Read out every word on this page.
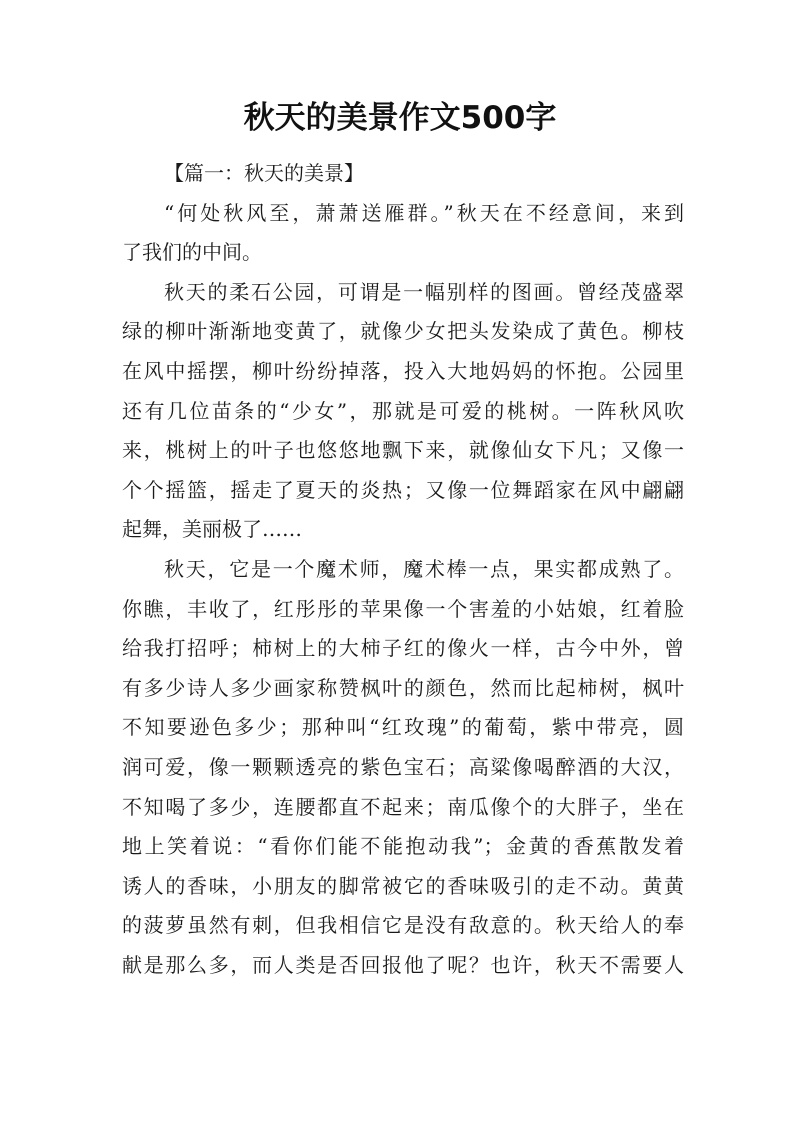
秋天的美景作文500字
【篇一：秋天的美景】
“何处秋风至，萧萧送雁群。”秋天在不经意间，来到
了我们的中间。
秋天的柔石公园，可谓是一幅别样的图画。曾经茂盛翠
绿的柳叶渐渐地变黄了，就像少女把头发染成了黄色。柳枝
在风中摇摆，柳叶纷纷掉落，投入大地妈妈的怀抱。公园里
还有几位苗条的“少女”，那就是可爱的桃树。一阵秋风吹
来，桃树上的叶子也悠悠地飘下来，就像仙女下凡；又像一
个个摇篮，摇走了夏天的炎热；又像一位舞蹈家在风中翩翩
起舞，美丽极了……
秋天，它是一个魔术师，魔术棒一点，果实都成熟了。
你瞧，丰收了，红彤彤的苹果像一个害羞的小姑娘，红着脸
给我打招呼；柿树上的大柿子红的像火一样，古今中外，曾
有多少诗人多少画家称赞枫叶的颜色，然而比起柿树，枫叶
不知要逊色多少；那种叫“红玫瑰”的葡萄，紫中带亮，圆
润可爱，像一颗颗透亮的紫色宝石；高粱像喝醉酒的大汉，
不知喝了多少，连腰都直不起来；南瓜像个的大胖子，坐在
地上笑着说：“看你们能不能抱动我”；金黄的香蕉散发着
诱人的香味，小朋友的脚常被它的香味吸引的走不动。黄黄
的菠萝虽然有刺，但我相信它是没有敌意的。秋天给人的奉
献是那么多，而人类是否回报他了呢？也许，秋天不需要人
